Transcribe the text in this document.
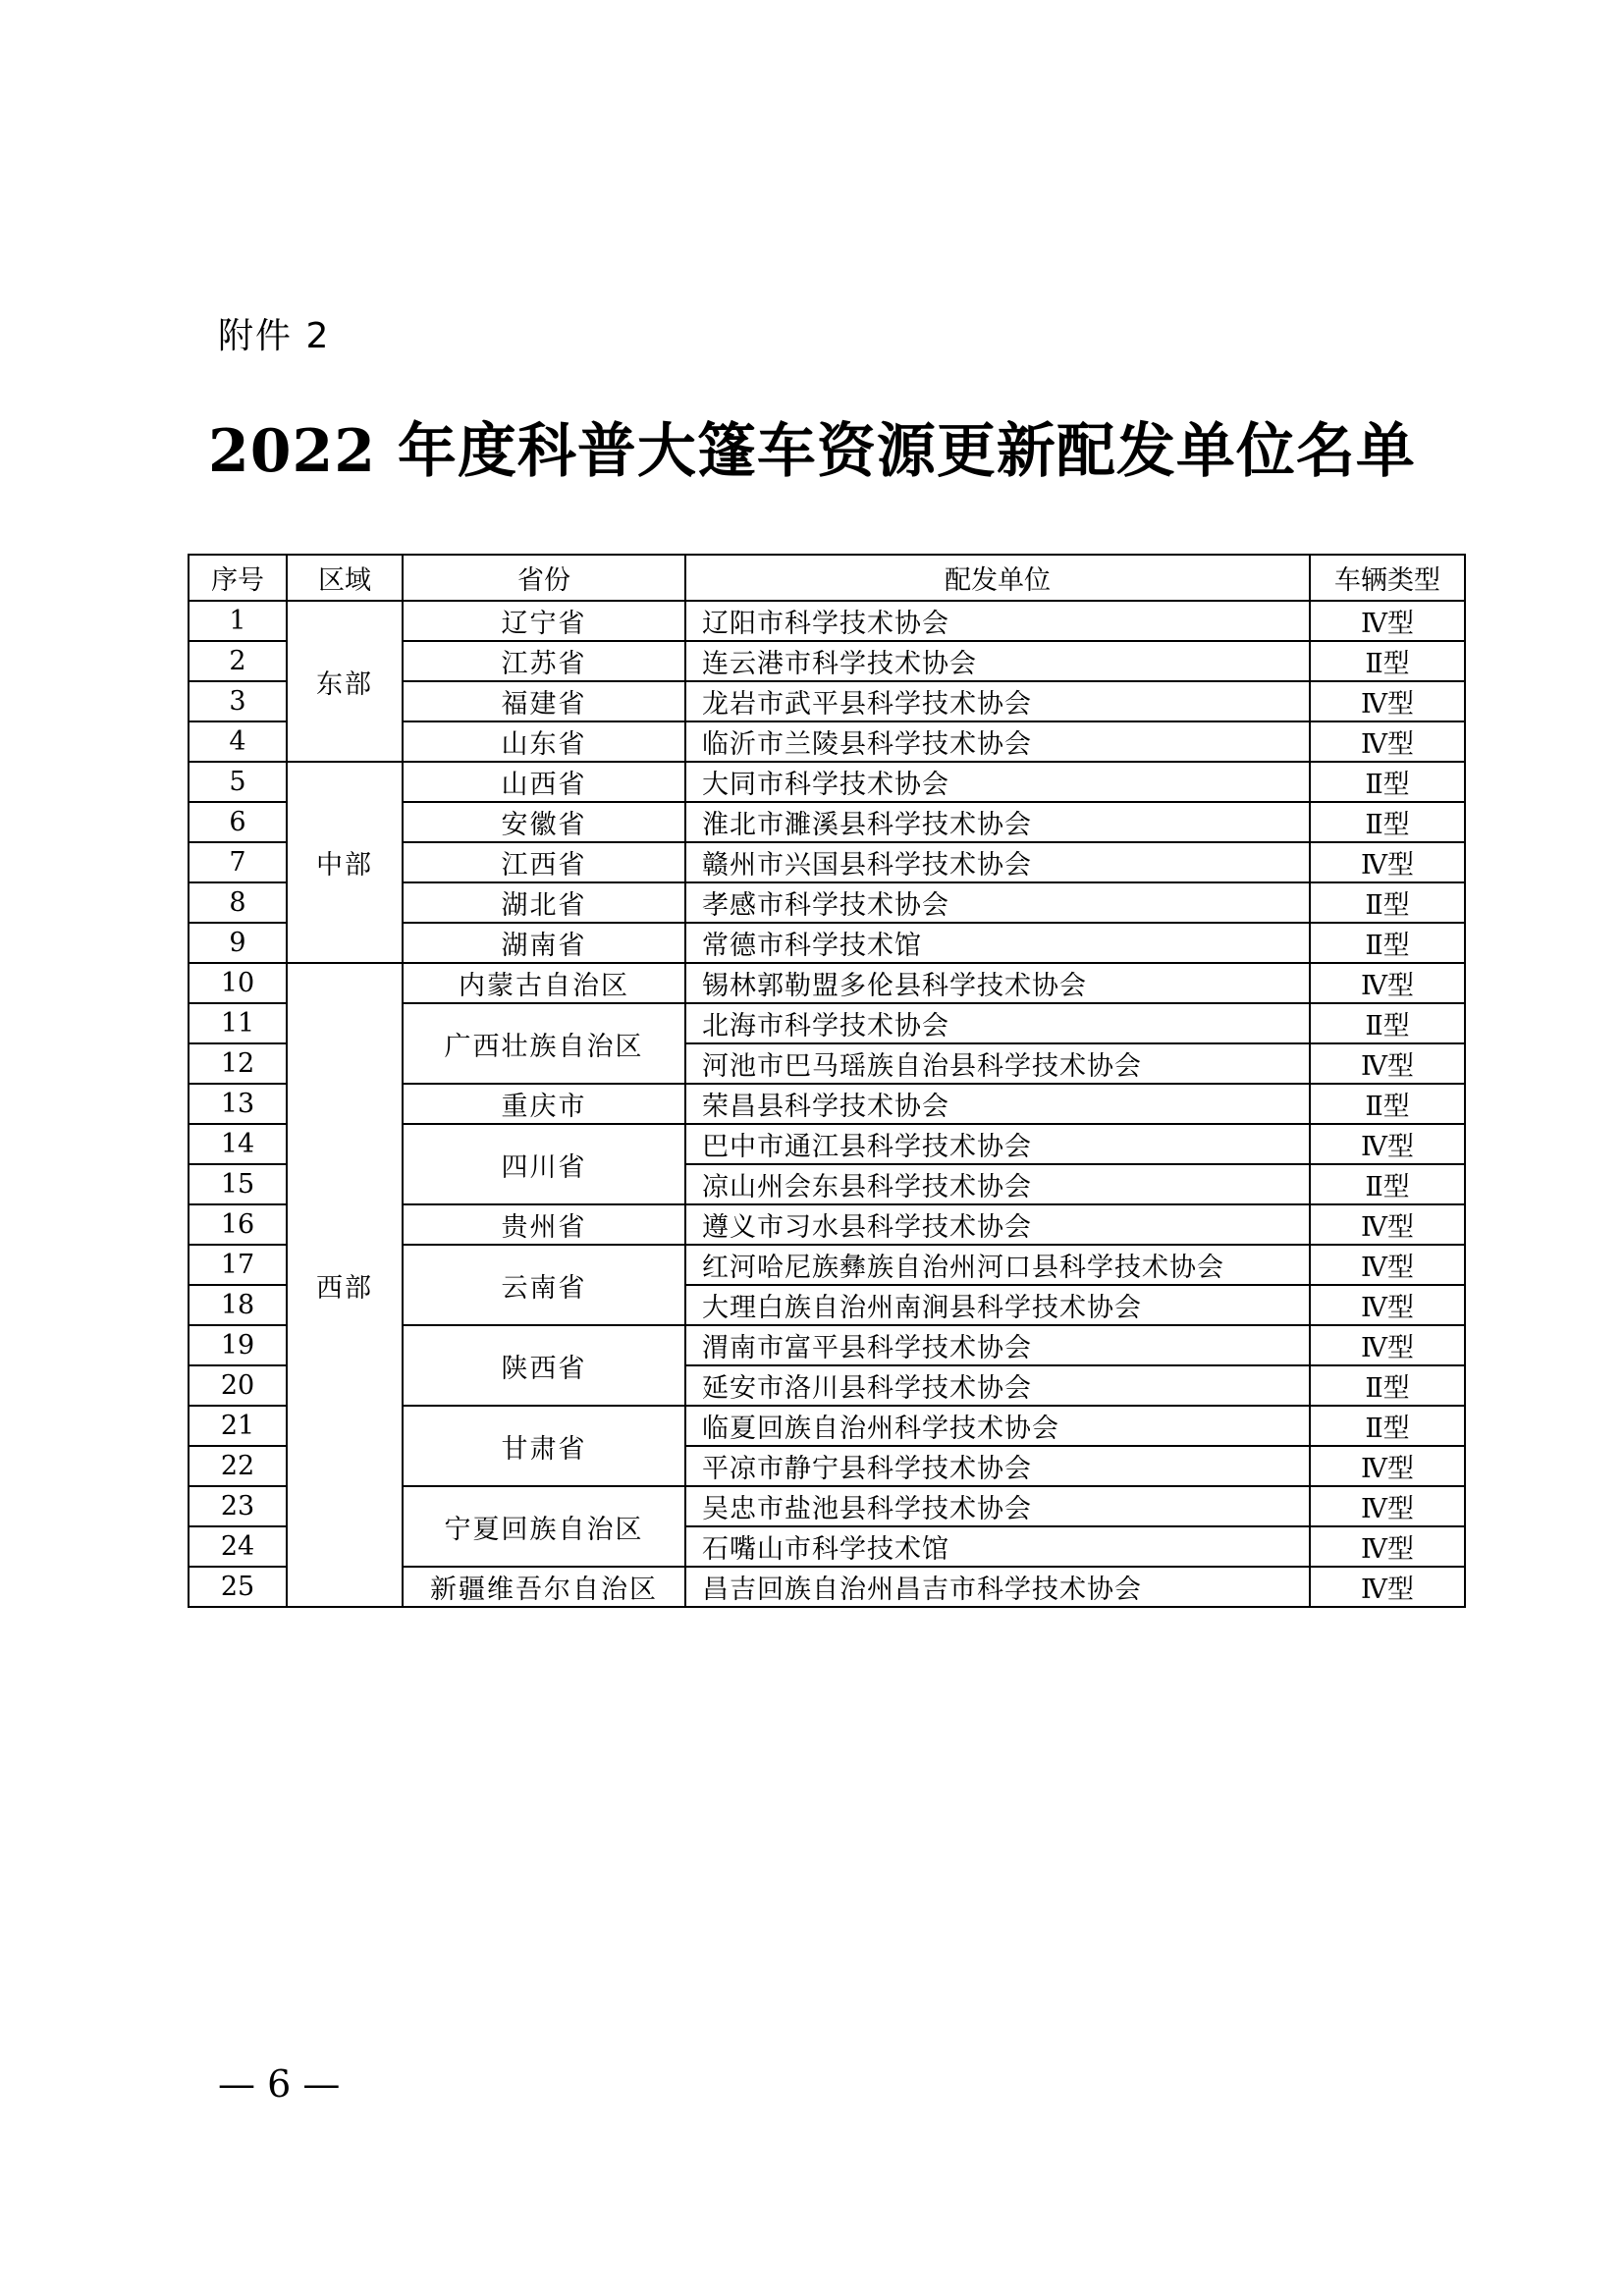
附件 2
2022 年度科普大篷车资源更新配发单位名单
序号	区域	省份	配发单位	车辆类型
1	东部	辽宁省	辽阳市科学技术协会	Ⅳ型
2		江苏省	连云港市科学技术协会	Ⅱ型
3		福建省	龙岩市武平县科学技术协会	Ⅳ型
4		山东省	临沂市兰陵县科学技术协会	Ⅳ型
5	中部	山西省	大同市科学技术协会	Ⅱ型
6		安徽省	淮北市濉溪县科学技术协会	Ⅱ型
7		江西省	赣州市兴国县科学技术协会	Ⅳ型
8		湖北省	孝感市科学技术协会	Ⅱ型
9		湖南省	常德市科学技术馆	Ⅱ型
10	西部	内蒙古自治区	锡林郭勒盟多伦县科学技术协会	Ⅳ型
11		广西壮族自治区	北海市科学技术协会	Ⅱ型
12			河池市巴马瑶族自治县科学技术协会	Ⅳ型
13		重庆市	荣昌县科学技术协会	Ⅱ型
14		四川省	巴中市通江县科学技术协会	Ⅳ型
15			凉山州会东县科学技术协会	Ⅱ型
16		贵州省	遵义市习水县科学技术协会	Ⅳ型
17		云南省	红河哈尼族彝族自治州河口县科学技术协会	Ⅳ型
18			大理白族自治州南涧县科学技术协会	Ⅳ型
19		陕西省	渭南市富平县科学技术协会	Ⅳ型
20			延安市洛川县科学技术协会	Ⅱ型
21		甘肃省	临夏回族自治州科学技术协会	Ⅱ型
22			平凉市静宁县科学技术协会	Ⅳ型
23		宁夏回族自治区	吴忠市盐池县科学技术协会	Ⅳ型
24			石嘴山市科学技术馆	Ⅳ型
25		新疆维吾尔自治区	昌吉回族自治州昌吉市科学技术协会	Ⅳ型
— 6 —
